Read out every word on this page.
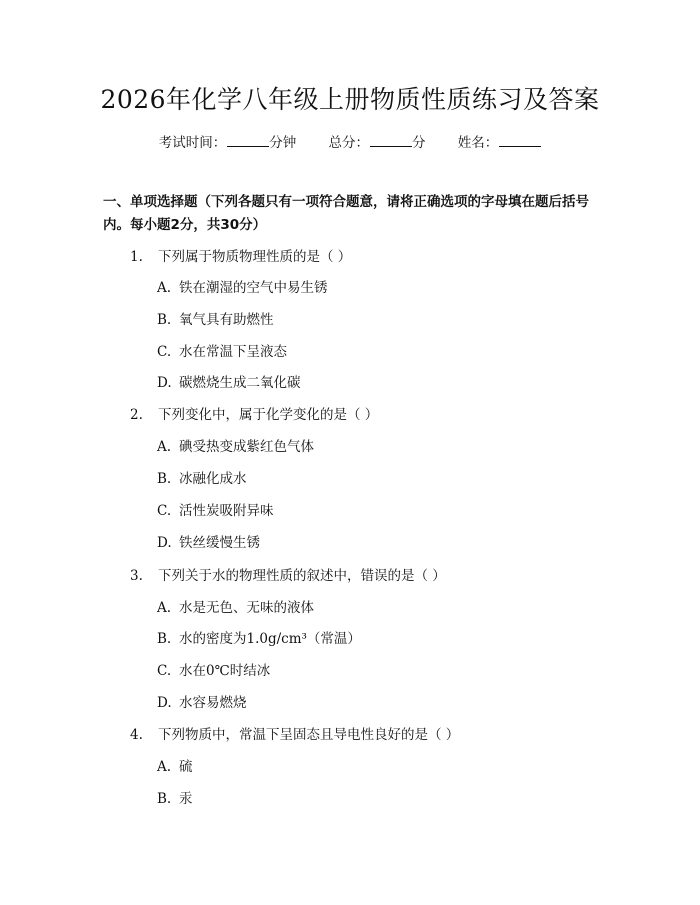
2026年化学八年级上册物质性质练习及答案
考试时间：	分钟 总分：	分 姓名：
一、单项选择题（下列各题只有一项符合题意，请将正确选项的字母填在题后括号内。每小题2分，共30分）
1. 下列属于物质物理性质的是（ ）
A. 铁在潮湿的空气中易生锈
B. 氧气具有助燃性
C. 水在常温下呈液态
D. 碳燃烧生成二氧化碳
2. 下列变化中，属于化学变化的是（ ）
A. 碘受热变成紫红色气体
B. 冰融化成水
C. 活性炭吸附异味
D. 铁丝缓慢生锈
3. 下列关于水的物理性质的叙述中，错误的是（ ）
A. 水是无色、无味的液体
B. 水的密度为1.0g/cm³（常温）
C. 水在0℃时结冰
D. 水容易燃烧
4. 下列物质中，常温下呈固态且导电性良好的是（ ）
A. 硫
B. 汞
